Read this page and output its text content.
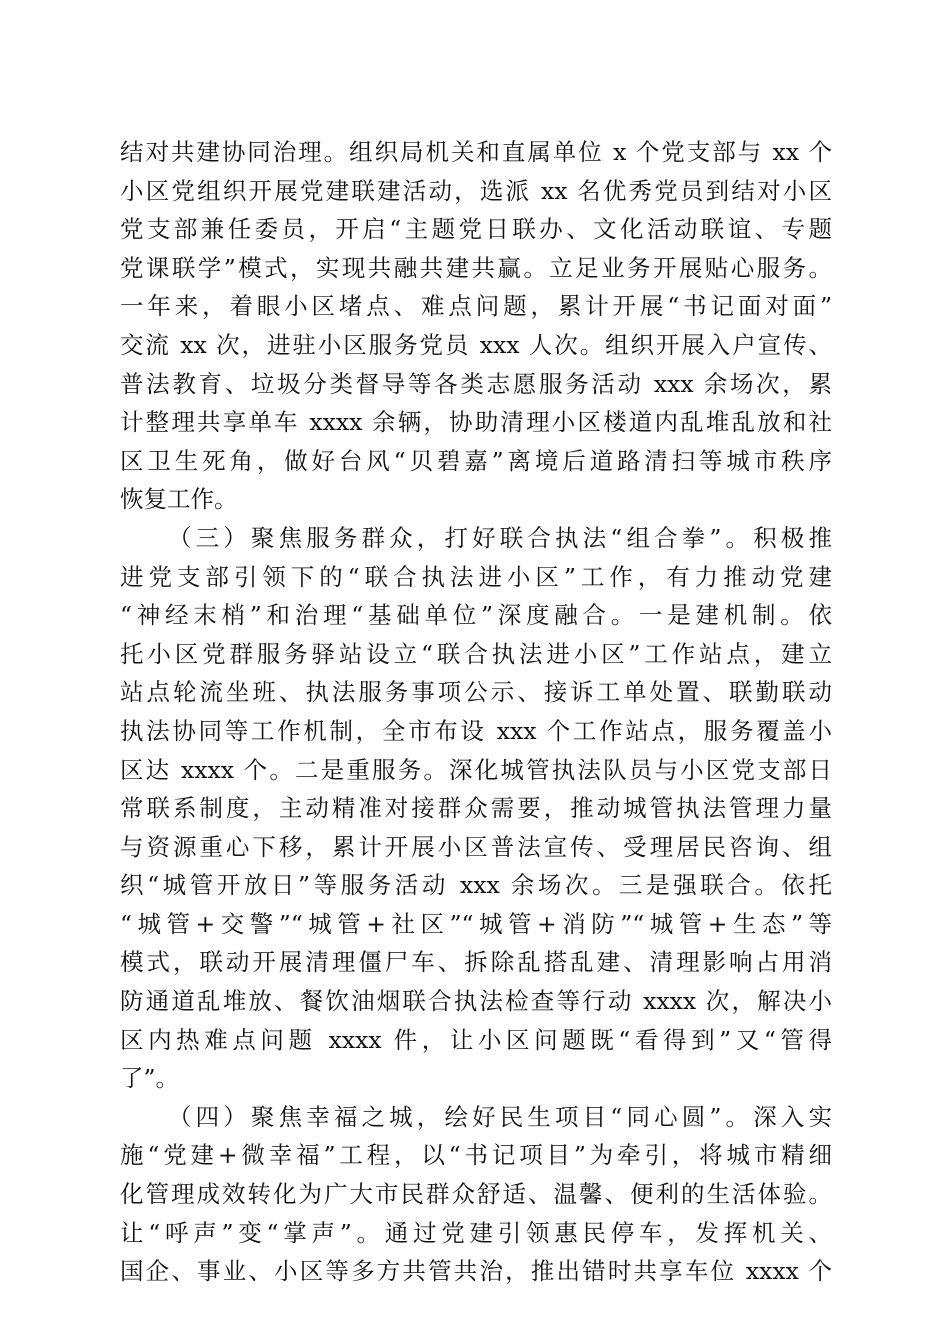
结对共建协同治理。组织局机关和直属单位 x 个党支部与 xx 个
小区党组织开展党建联建活动，选派 xx 名优秀党员到结对小区
党支部兼任委员，开启“主题党日联办、文化活动联谊、专题
党课联学”模式，实现共融共建共赢。立足业务开展贴心服务。
一年来，着眼小区堵点、难点问题，累计开展“书记面对面”
交流 xx 次，进驻小区服务党员 xxx 人次。组织开展入户宣传、
普法教育、垃圾分类督导等各类志愿服务活动 xxx 余场次，累
计整理共享单车 xxxx 余辆，协助清理小区楼道内乱堆乱放和社
区卫生死角，做好台风“贝碧嘉”离境后道路清扫等城市秩序
恢复工作。
（三）聚焦服务群众，打好联合执法“组合拳”。积极推
进党支部引领下的“联合执法进小区”工作，有力推动党建
“神经末梢”和治理“基础单位”深度融合。一是建机制。依
托小区党群服务驿站设立“联合执法进小区”工作站点，建立
站点轮流坐班、执法服务事项公示、接诉工单处置、联勤联动
执法协同等工作机制，全市布设 xxx 个工作站点，服务覆盖小
区达 xxxx 个。二是重服务。深化城管执法队员与小区党支部日
常联系制度，主动精准对接群众需要，推动城管执法管理力量
与资源重心下移，累计开展小区普法宣传、受理居民咨询、组
织“城管开放日”等服务活动 xxx 余场次。三是强联合。依托
“城管+交警”“城管+社区”“城管+消防”“城管+生态”等
模式，联动开展清理僵尸车、拆除乱搭乱建、清理影响占用消
防通道乱堆放、餐饮油烟联合执法检查等行动 xxxx 次，解决小
区内热难点问题 xxxx 件，让小区问题既“看得到”又“管得
了”。
（四）聚焦幸福之城，绘好民生项目“同心圆”。深入实
施“党建+微幸福”工程，以“书记项目”为牵引，将城市精细
化管理成效转化为广大市民群众舒适、温馨、便利的生活体验。
让“呼声”变“掌声”。通过党建引领惠民停车，发挥机关、
国企、事业、小区等多方共管共治，推出错时共享车位 xxxx 个
